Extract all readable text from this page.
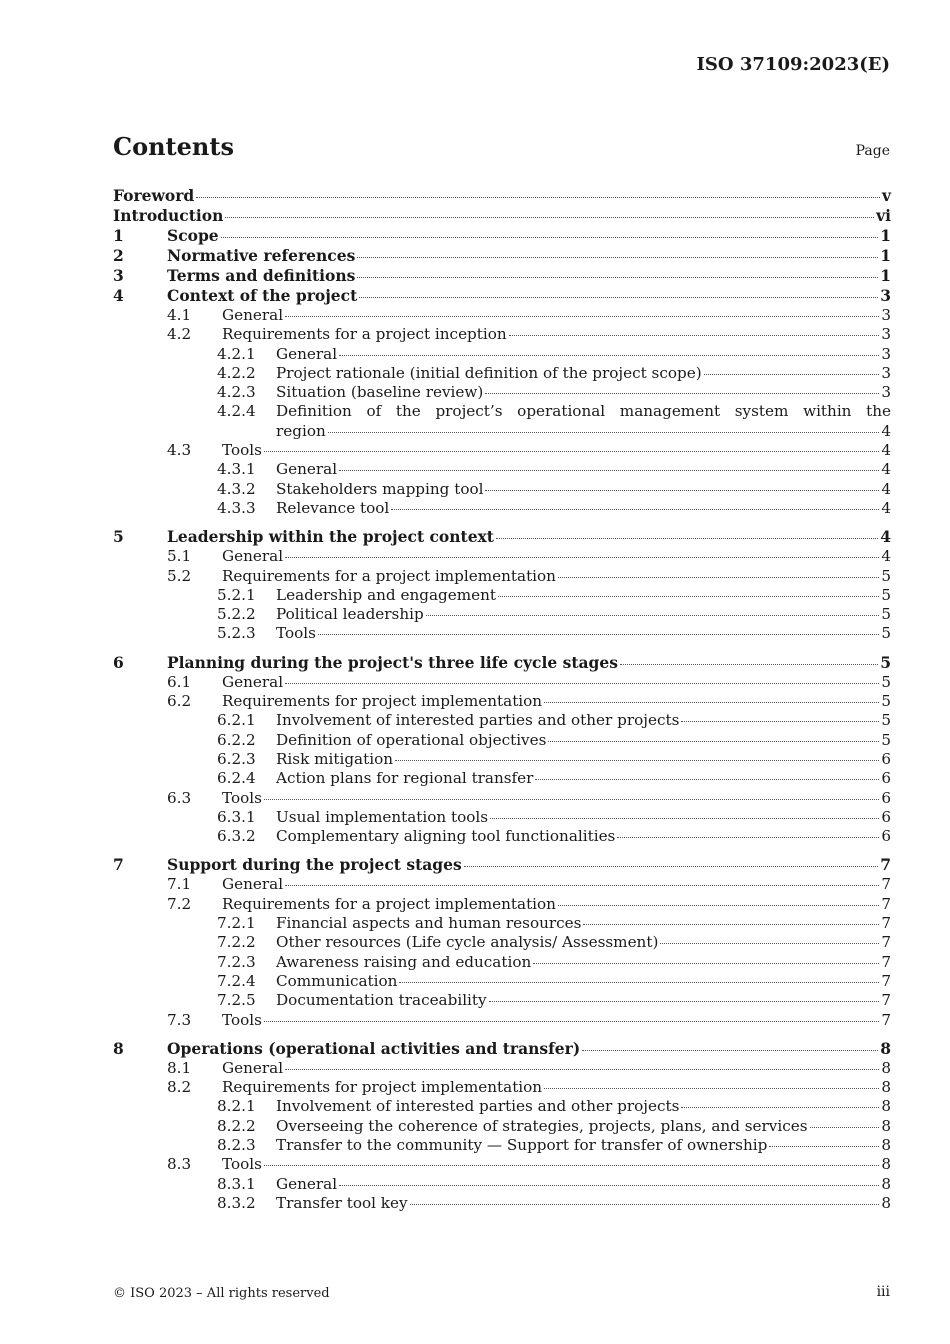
ISO 37109:2023(E)
Contents	Page
Foreword	v
Introduction	vi
1	Scope	1
2	Normative references	1
3	Terms and definitions	1
4	Context of the project	3
4.1 General	3
4.2 Requirements for a project inception	3
4.2.1 General	3
4.2.2 Project rationale (initial definition of the project scope)	3
4.2.3 Situation (baseline review)	3
4.2.4 Definition of the project’s operational management system within the
region	4
4.3 Tools	4
4.3.1 General	4
4.3.2 Stakeholders mapping tool	4
4.3.3 Relevance tool	4
5	Leadership within the project context	4
5.1 General	4
5.2 Requirements for a project implementation	5
5.2.1 Leadership and engagement	5
5.2.2 Political leadership	5
5.2.3 Tools	5
6	Planning during the project's three life cycle stages	5
6.1 General	5
6.2 Requirements for project implementation	5
6.2.1 Involvement of interested parties and other projects	5
6.2.2 Definition of operational objectives	5
6.2.3 Risk mitigation	6
6.2.4 Action plans for regional transfer	6
6.3 Tools	6
6.3.1 Usual implementation tools	6
6.3.2 Complementary aligning tool functionalities	6
7	Support during the project stages	7
7.1 General	7
7.2 Requirements for a project implementation	7
7.2.1 Financial aspects and human resources	7
7.2.2 Other resources (Life cycle analysis/ Assessment)	7
7.2.3 Awareness raising and education	7
7.2.4 Communication	7
7.2.5 Documentation traceability	7
7.3 Tools	7
8	Operations (operational activities and transfer)	8
8.1 General	8
8.2 Requirements for project implementation	8
8.2.1 Involvement of interested parties and other projects	8
8.2.2 Overseeing the coherence of strategies, projects, plans, and services	8
8.2.3 Transfer to the community — Support for transfer of ownership	8
8.3 Tools	8
8.3.1 General	8
8.3.2 Transfer tool key	8
© ISO 2023 – All rights reserved	iii
